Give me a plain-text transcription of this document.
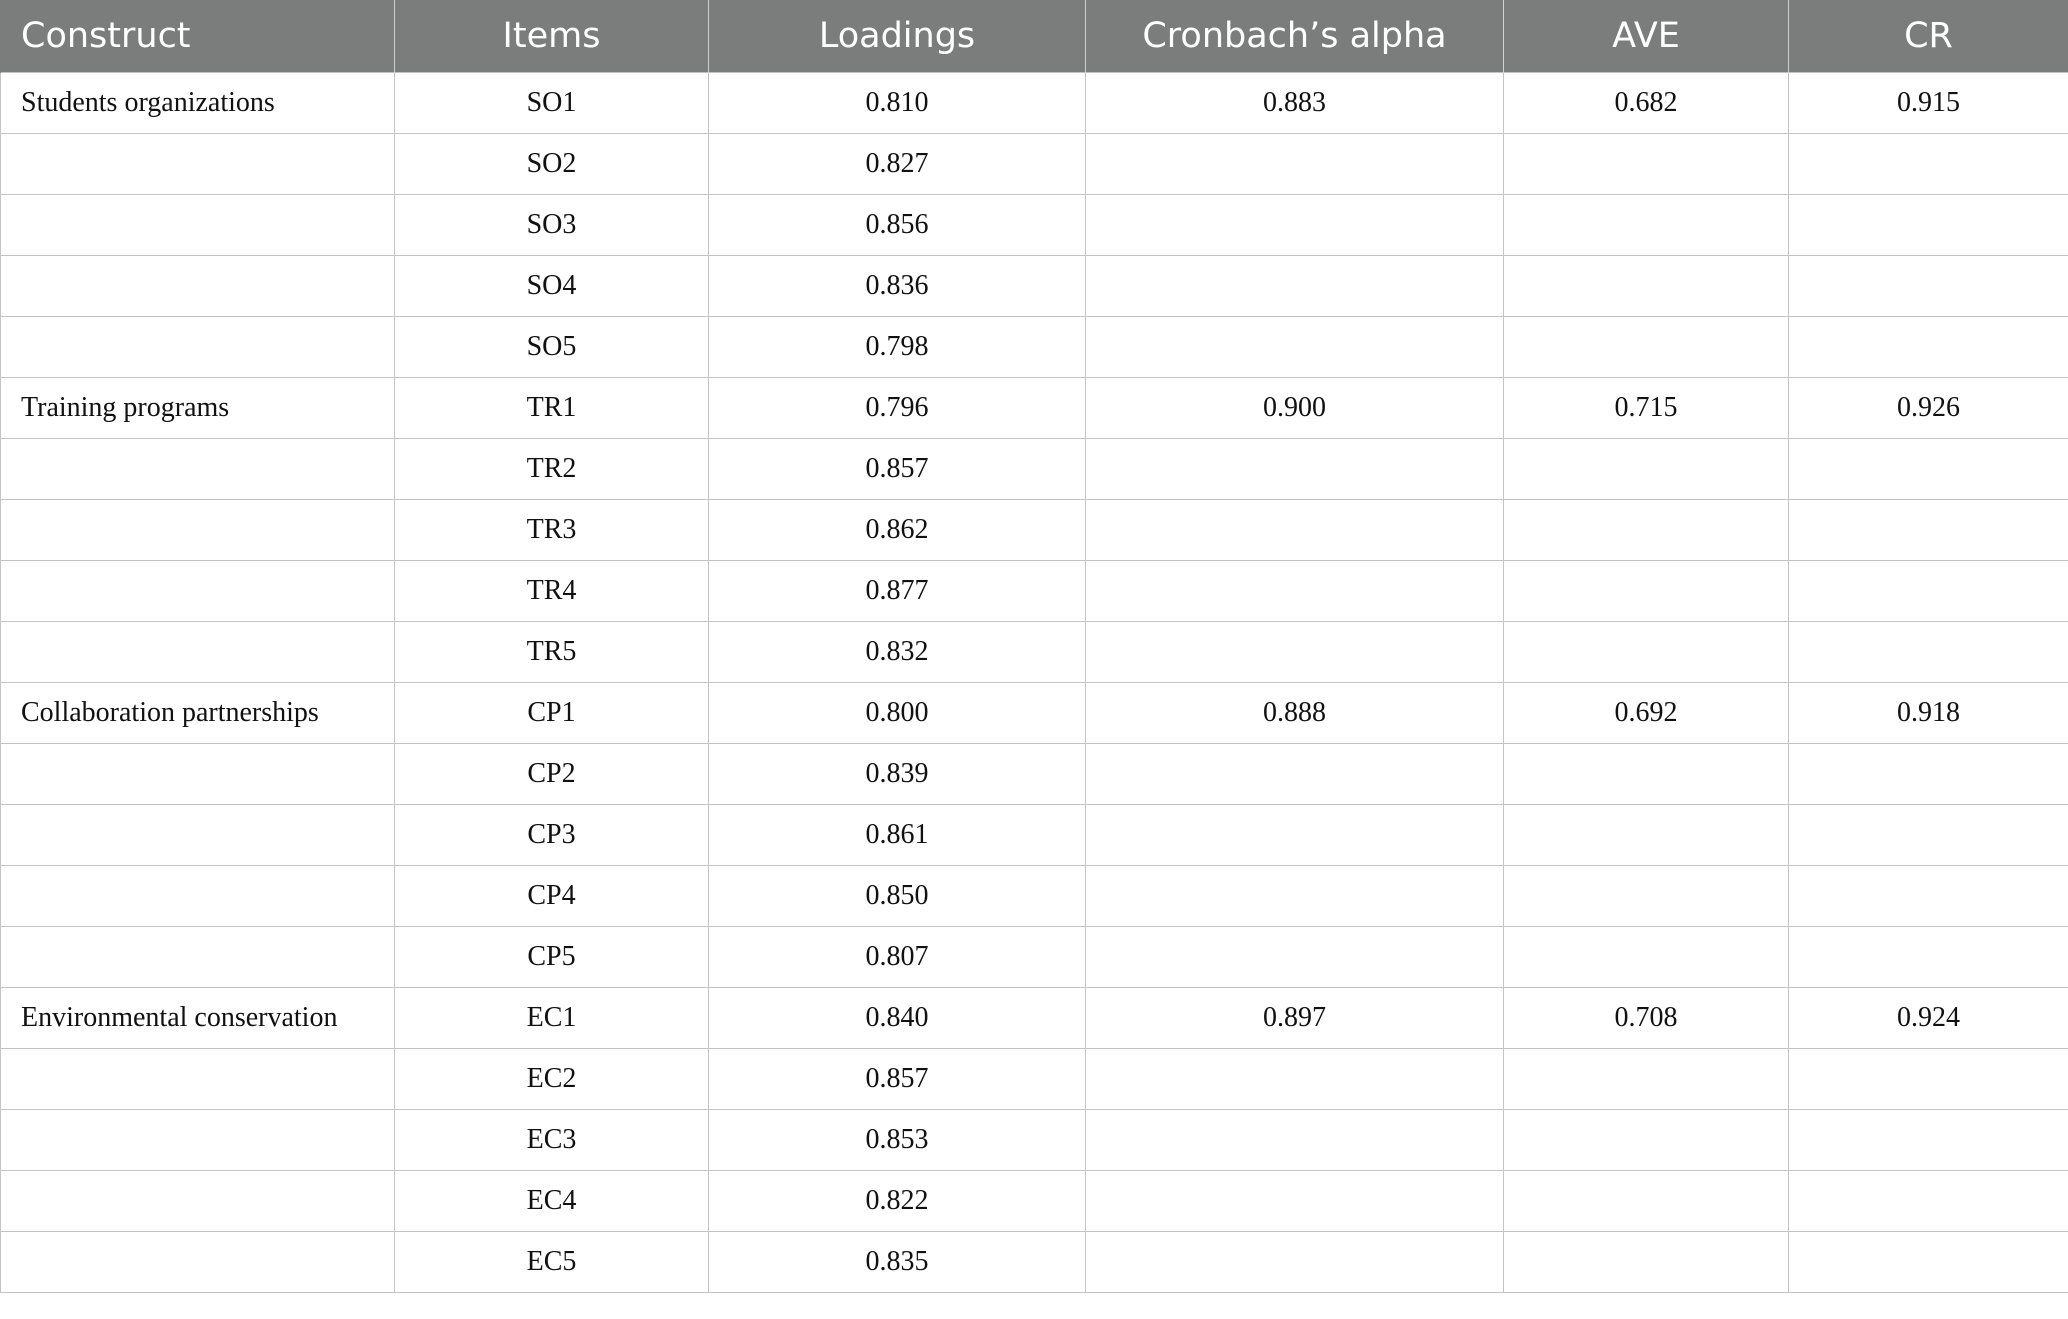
Construct	Items	Loadings	Cronbach’s alpha	AVE	CR
Students organizations	SO1	0.810	0.883	0.682	0.915
	SO2	0.827			
	SO3	0.856			
	SO4	0.836			
	SO5	0.798			
Training programs	TR1	0.796	0.900	0.715	0.926
	TR2	0.857			
	TR3	0.862			
	TR4	0.877			
	TR5	0.832			
Collaboration partnerships	CP1	0.800	0.888	0.692	0.918
	CP2	0.839			
	CP3	0.861			
	CP4	0.850			
	CP5	0.807			
Environmental conservation	EC1	0.840	0.897	0.708	0.924
	EC2	0.857			
	EC3	0.853			
	EC4	0.822			
	EC5	0.835			
